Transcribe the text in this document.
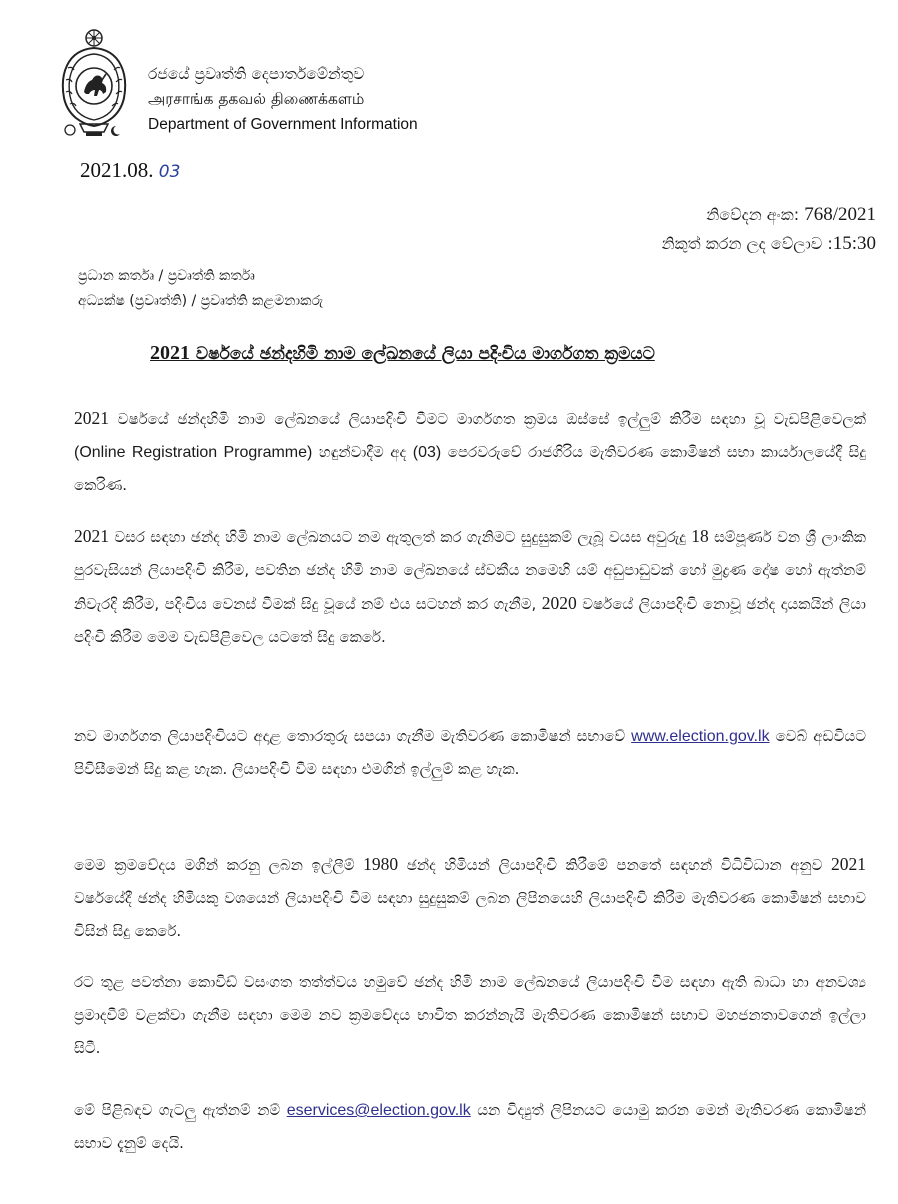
රජයේ ප්‍රවෘත්ති දෙපාර්තමේන්තුව
அரசாங்க தகவல் திணைக்களம்
Department of Government Information
2021.08. 03
නිවේදන අංක: 768/2021
නිකුත් කරන ලද වේලාව :15:30
ප්‍රධාන කර්තෘ / ප්‍රවෘත්ති කර්තෘ
අධ්‍යක්ෂ (ප්‍රවෘත්ති) / ප්‍රවෘත්ති කළමනාකරු
2021 වර්ෂයේ ඡන්දහිමි නාම ලේඛනයේ ලියා පදිංචිය මාර්ගගත ක්‍රමයට
2021 වර්ෂයේ ඡන්දහිමි නාම ලේඛනයේ ලියාපදිංචි වීමට මාර්ගගත ක්‍රමය ඔස්සේ ඉල්ලුම් කිරීම සඳහා වූ වැඩපිළිවෙලක් (Online Registration Programme) හඳුන්වාදීම අද (03) පෙරවරුවේ රාජගිරිය මැතිවරණ කොමිෂන් සභා කාර්යාලයේදී සිදු කෙරිණ.
2021 වසර සඳහා ඡන්ද හිමි නාම ලේඛනයට නම ඇතුලත් කර ගැනිමට සුදුසුකම් ලැබූ වයස අවුරුදු 18 සම්පූර්ණ වන ශ්‍රී ලාංකික පුරවැසියන් ලියාපදිංචි කිරීම, පවතින ඡන්ද හිමි නාම ලේඛනයේ ස්වකීය නමෙහි යම් අඩුපාඩුවක් හෝ මුද්‍රණ දෝෂ හෝ ඇත්නම් නිවැරදි කිරීම, පදිංචිය වෙනස් වීමක් සිදු වූයේ නම් එය සටහන් කර ගැනීම, 2020 වර්ෂයේ ලියාපදිංචි නොවූ ඡන්ද දායකයින් ලියා පදිංචි කිරීම මෙම වැඩපිළිවෙල යටතේ සිදු කෙරේ.
නව මාර්ගගත ලියාපදිංචියට අදාළ තොරතුරු සපයා ගැනීම මැතිවරණ කොමිෂන් සභාවේ www.election.gov.lk වෙබ් අඩවියට පිවිසීමෙන් සිදු කළ හැක. ලියාපදිංචි වීම සඳහා එමගින් ඉල්ලුම් කළ හැක.
මෙම ක්‍රමවේදය මගින් කරනු ලබන ඉල්ලීම් 1980 ඡන්ද හිමියන් ලියාපදිංචි කිරීමේ පනතේ සඳහන් විධිවිධාන අනුව 2021 වර්ෂයේදී ඡන්ද හිමියකු වශයෙන් ලියාපදිංචි වීම සඳහා සුදුසුකම් ලබන ලිපිනයෙහි ලියාපදිංචි කිරීම මැතිවරණ කොමිෂන් සභාව විසින් සිදු කෙරේ.
රට තුළ පවත්නා කොවිඩ් වසංගත තත්ත්වය හමුවේ ඡන්ද හිමි නාම ලේඛනයේ ලියාපදිංචි වීම සඳහා ඇති බාධා හා අනවශ්‍ය ප්‍රමාදවීම් වළක්වා ගැනීම සඳහා මෙම නව ක්‍රමවේදය භාවිත කරන්නැයි මැතිවරණ කොමිෂන් සභාව මහජනතාවගෙන් ඉල්ලා සිටී.
මේ පිළිබඳව ගැටලු ඇත්නම් නම් eservices@election.gov.lk යන විද්‍යුත් ලිපිනයට යොමු කරන මෙන් මැතිවරණ කොමිෂන් සභාව දැනුම් දෙයි.
